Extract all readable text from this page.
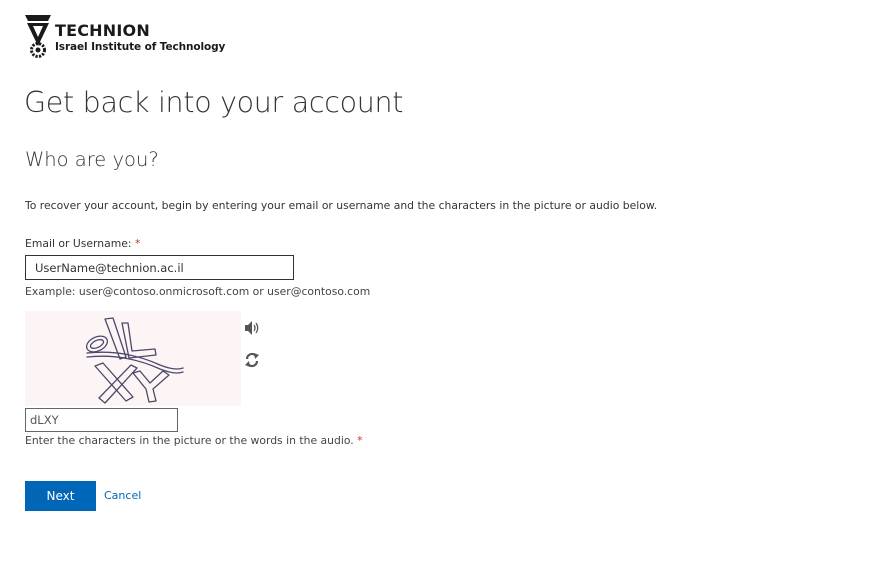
TECHNION
Israel Institute of Technology
Get back into your account
Who are you?
To recover your account, begin by entering your email or username and the characters in the picture or audio below.
Email or Username: *
UserName@technion.ac.il
Example: user@contoso.onmicrosoft.com or user@contoso.com
dLXY
Enter the characters in the picture or the words in the audio. *
Next	Cancel
